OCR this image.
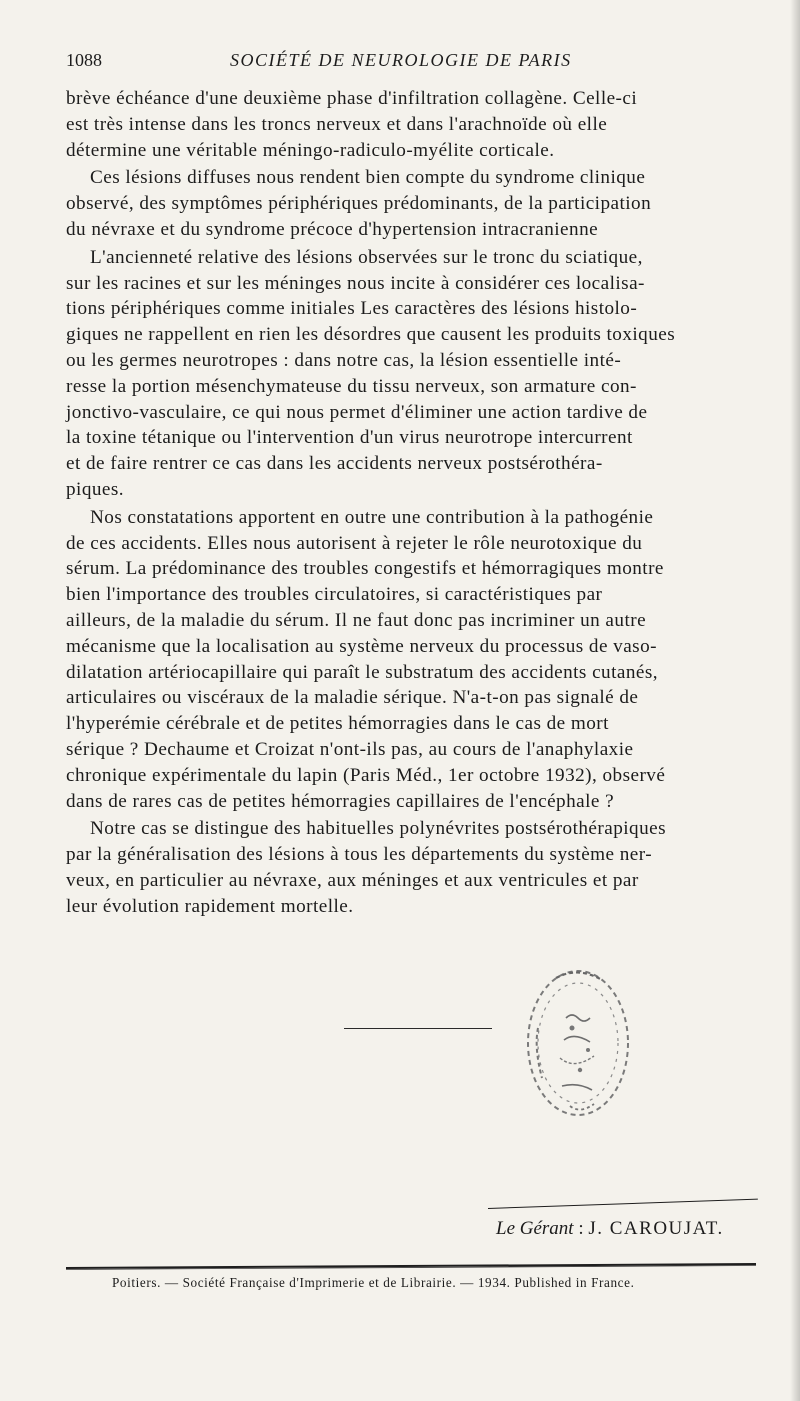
1088	SOCIÉTÉ DE NEUROLOGIE DE PARIS
brève échéance d'une deuxième phase d'infiltration collagène. Celle-ci
est très intense dans les troncs nerveux et dans l'arachnoïde où elle
détermine une véritable méningo-radiculo-myélite corticale.
Ces lésions diffuses nous rendent bien compte du syndrome clinique
observé, des symptômes périphériques prédominants, de la participation
du névraxe et du syndrome précoce d'hypertension intracranienne
L'ancienneté relative des lésions observées sur le tronc du sciatique,
sur les racines et sur les méninges nous incite à considérer ces localisa-
tions périphériques comme initiales Les caractères des lésions histolo-
giques ne rappellent en rien les désordres que causent les produits toxiques
ou les germes neurotropes : dans notre cas, la lésion essentielle inté-
resse la portion mésenchymateuse du tissu nerveux, son armature con-
jonctivo-vasculaire, ce qui nous permet d'éliminer une action tardive de
la toxine tétanique ou l'intervention d'un virus neurotrope intercurrent
et de faire rentrer ce cas dans les accidents nerveux postsérothéra-
piques.
Nos constatations apportent en outre une contribution à la pathogénie
de ces accidents. Elles nous autorisent à rejeter le rôle neurotoxique du
sérum. La prédominance des troubles congestifs et hémorragiques montre
bien l'importance des troubles circulatoires, si caractéristiques par
ailleurs, de la maladie du sérum. Il ne faut donc pas incriminer un autre
mécanisme que la localisation au système nerveux du processus de vaso-
dilatation artériocapillaire qui paraît le substratum des accidents cutanés,
articulaires ou viscéraux de la maladie sérique. N'a-t-on pas signalé de
l'hyperémie cérébrale et de petites hémorragies dans le cas de mort
sérique ? Dechaume et Croizat n'ont-ils pas, au cours de l'anaphylaxie
chronique expérimentale du lapin (Paris Méd., 1er octobre 1932), observé
dans de rares cas de petites hémorragies capillaires de l'encéphale ?
Notre cas se distingue des habituelles polynévrites postsérothérapiques
par la généralisation des lésions à tous les départements du système ner-
veux, en particulier au névraxe, aux méninges et aux ventricules et par
leur évolution rapidement mortelle.
Le Gérant : J. CAROUJAT.
Poitiers. — Société Française d'Imprimerie et de Librairie. — 1934. Published in France.
